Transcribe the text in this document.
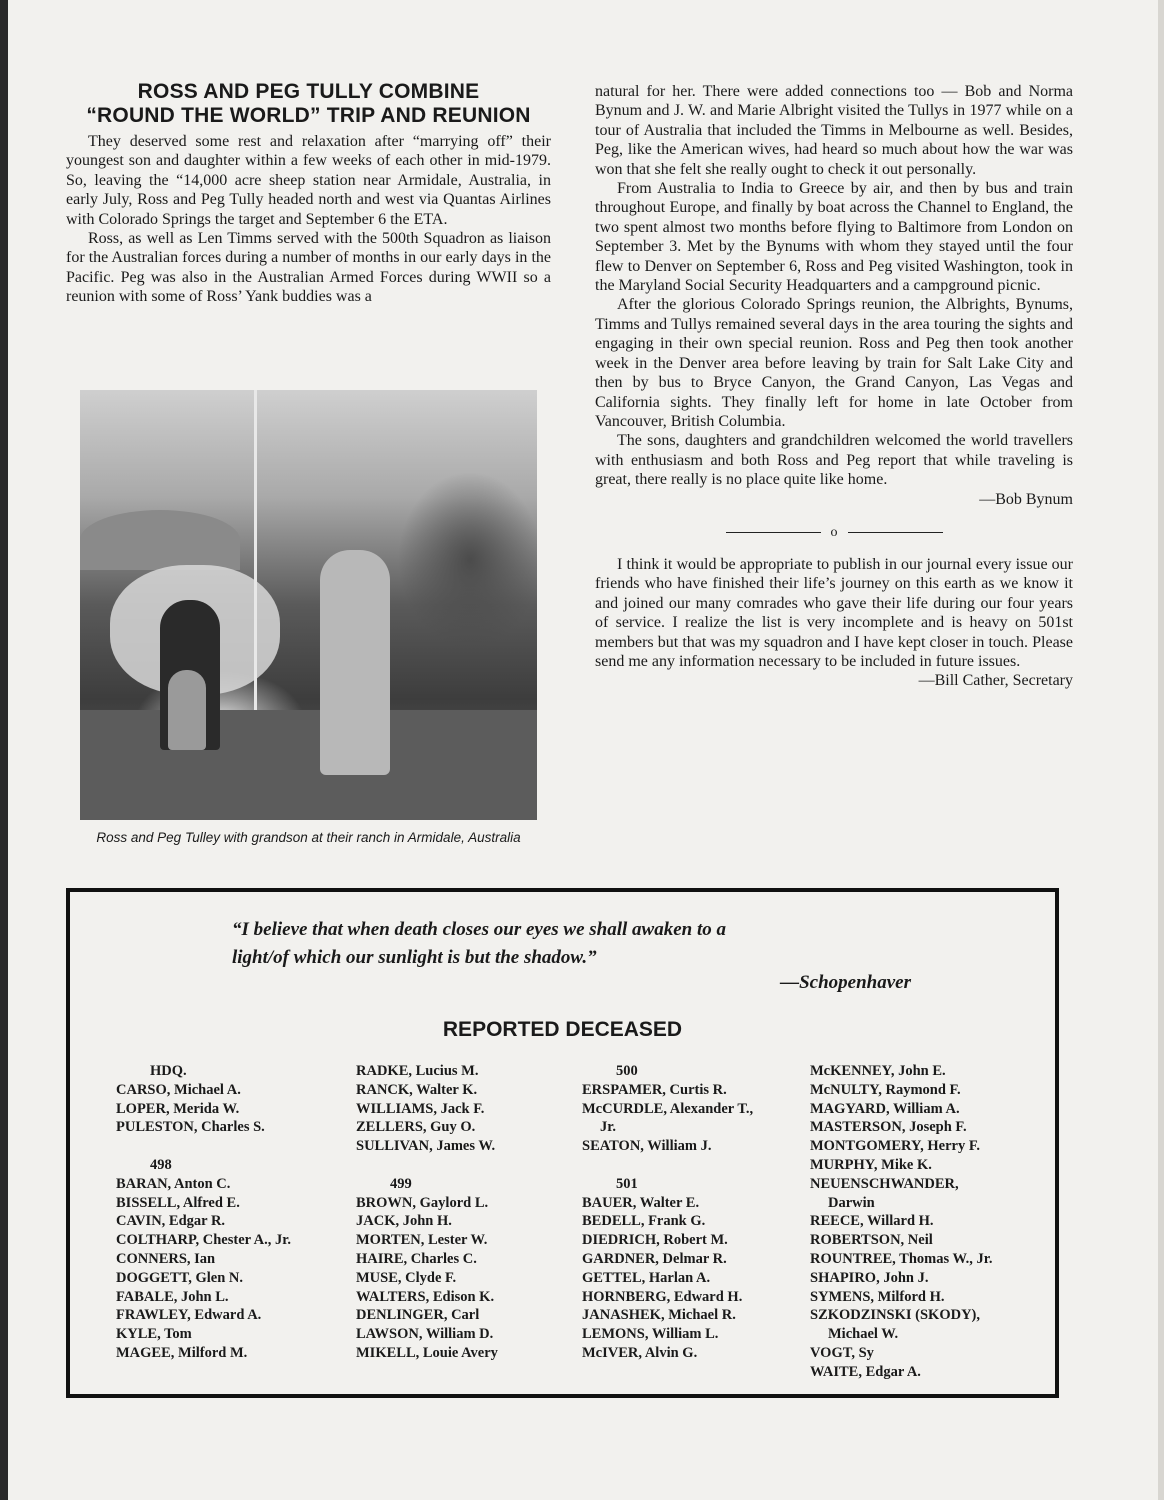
ROSS AND PEG TULLY COMBINE
“ROUND THE WORLD” TRIP AND REUNION

They deserved some rest and relaxation after “marrying off” their youngest son and daughter within a few weeks of each other in mid-1979. So, leaving the “14,000 acre sheep station near Armidale, Australia, in early July, Ross and Peg Tully headed north and west via Quantas Airlines with Colorado Springs the target and September 6 the ETA.

Ross, as well as Len Timms served with the 500th Squadron as liaison for the Australian forces during a number of months in our early days in the Pacific. Peg was also in the Australian Armed Forces during WWII so a reunion with some of Ross’ Yank buddies was a

Ross and Peg Tulley with grandson at their ranch in Armidale, Australia

natural for her. There were added connections too — Bob and Norma Bynum and J. W. and Marie Albright visited the Tullys in 1977 while on a tour of Australia that included the Timms in Melbourne as well. Besides, Peg, like the American wives, had heard so much about how the war was won that she felt she really ought to check it out personally.

From Australia to India to Greece by air, and then by bus and train throughout Europe, and finally by boat across the Channel to England, the two spent almost two months before flying to Baltimore from London on September 3. Met by the Bynums with whom they stayed until the four flew to Denver on September 6, Ross and Peg visited Washington, took in the Maryland Social Security Headquarters and a campground picnic.

After the glorious Colorado Springs reunion, the Albrights, Bynums, Timms and Tullys remained several days in the area touring the sights and engaging in their own special reunion. Ross and Peg then took another week in the Denver area before leaving by train for Salt Lake City and then by bus to Bryce Canyon, the Grand Canyon, Las Vegas and California sights. They finally left for home in late October from Vancouver, British Columbia.

The sons, daughters and grandchildren welcomed the world travellers with enthusiasm and both Ross and Peg report that while traveling is great, there really is no place quite like home.

—Bob Bynum

o

I think it would be appropriate to publish in our journal every issue our friends who have finished their life’s journey on this earth as we know it and joined our many comrades who gave their life during our four years of service. I realize the list is very incomplete and is heavy on 501st members but that was my squadron and I have kept closer in touch. Please send me any information necessary to be included in future issues.

—Bill Cather, Secretary

“I believe that when death closes our eyes we shall awaken to a
light/of which our sunlight is but the shadow.”
—Schopenhaver
REPORTED DECEASED
HDQ.
CARSO, Michael A.
LOPER, Merida W.
PULESTON, Charles S.
498
BARAN, Anton C.
BISSELL, Alfred E.
CAVIN, Edgar R.
COLTHARP, Chester A., Jr.
CONNERS, Ian
DOGGETT, Glen N.
FABALE, John L.
FRAWLEY, Edward A.
KYLE, Tom
MAGEE, Milford M.
RADKE, Lucius M.
RANCK, Walter K.
WILLIAMS, Jack F.
ZELLERS, Guy O.
SULLIVAN, James W.
499
BROWN, Gaylord L.
JACK, John H.
MORTEN, Lester W.
HAIRE, Charles C.
MUSE, Clyde F.
WALTERS, Edison K.
DENLINGER, Carl
LAWSON, William D.
MIKELL, Louie Avery
500
ERSPAMER, Curtis R.
McCURDLE, Alexander T.,
Jr.
SEATON, William J.
501
BAUER, Walter E.
BEDELL, Frank G.
DIEDRICH, Robert M.
GARDNER, Delmar R.
GETTEL, Harlan A.
HORNBERG, Edward H.
JANASHEK, Michael R.
LEMONS, William L.
McIVER, Alvin G.
McKENNEY, John E.
McNULTY, Raymond F.
MAGYARD, William A.
MASTERSON, Joseph F.
MONTGOMERY, Herry F.
MURPHY, Mike K.
NEUENSCHWANDER,
Darwin
REECE, Willard H.
ROBERTSON, Neil
ROUNTREE, Thomas W., Jr.
SHAPIRO, John J.
SYMENS, Milford H.
SZKODZINSKI (SKODY),
Michael W.
VOGT, Sy
WAITE, Edgar A.
